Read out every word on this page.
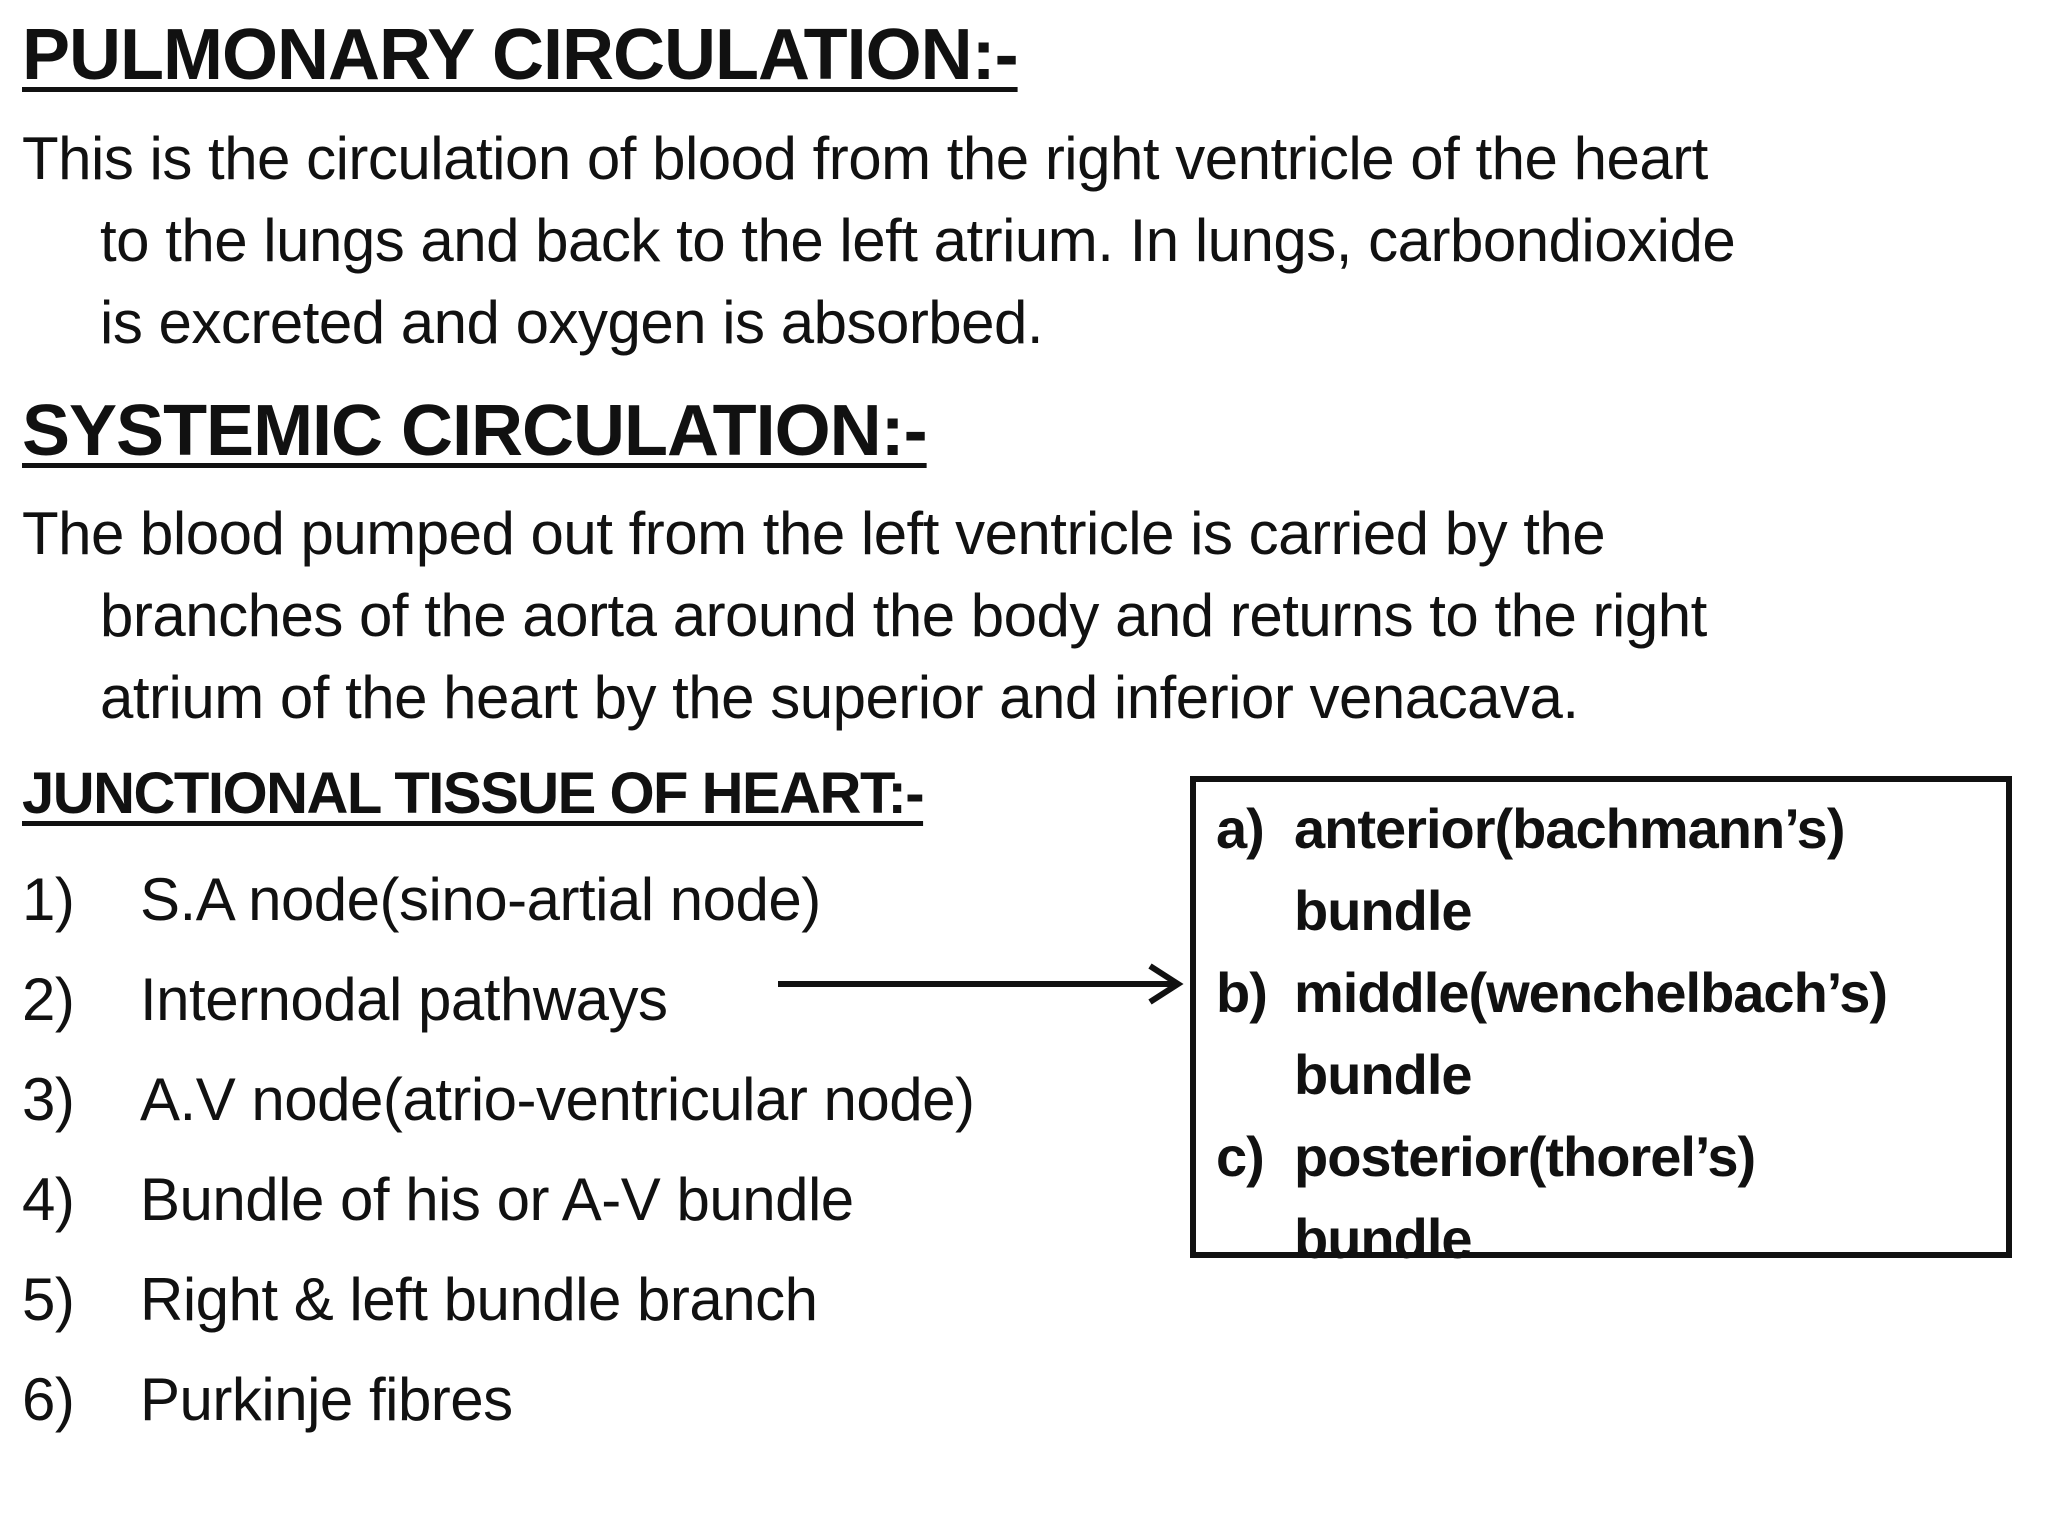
PULMONARY CIRCULATION:-

This is the circulation of blood from the right ventricle of the heart
to the lungs and back to the left atrium. In lungs, carbondioxide
is excreted and oxygen is absorbed.

SYSTEMIC CIRCULATION:-

The blood pumped out from the left ventricle is carried by the
branches of the aorta around the body and returns to the right
atrium of the heart by the superior and inferior venacava.

JUNCTIONAL TISSUE OF HEART:-
1) S.A node(sino-artial node)
2) Internodal pathways
3) A.V node(atrio-ventricular node)
4) Bundle of his or A-V bundle
5) Right & left bundle branch
6) Purkinje fibres
a) anterior(bachmann’s)
bundle
b) middle(wenchelbach’s)
bundle
c) posterior(thorel’s)
bundle
